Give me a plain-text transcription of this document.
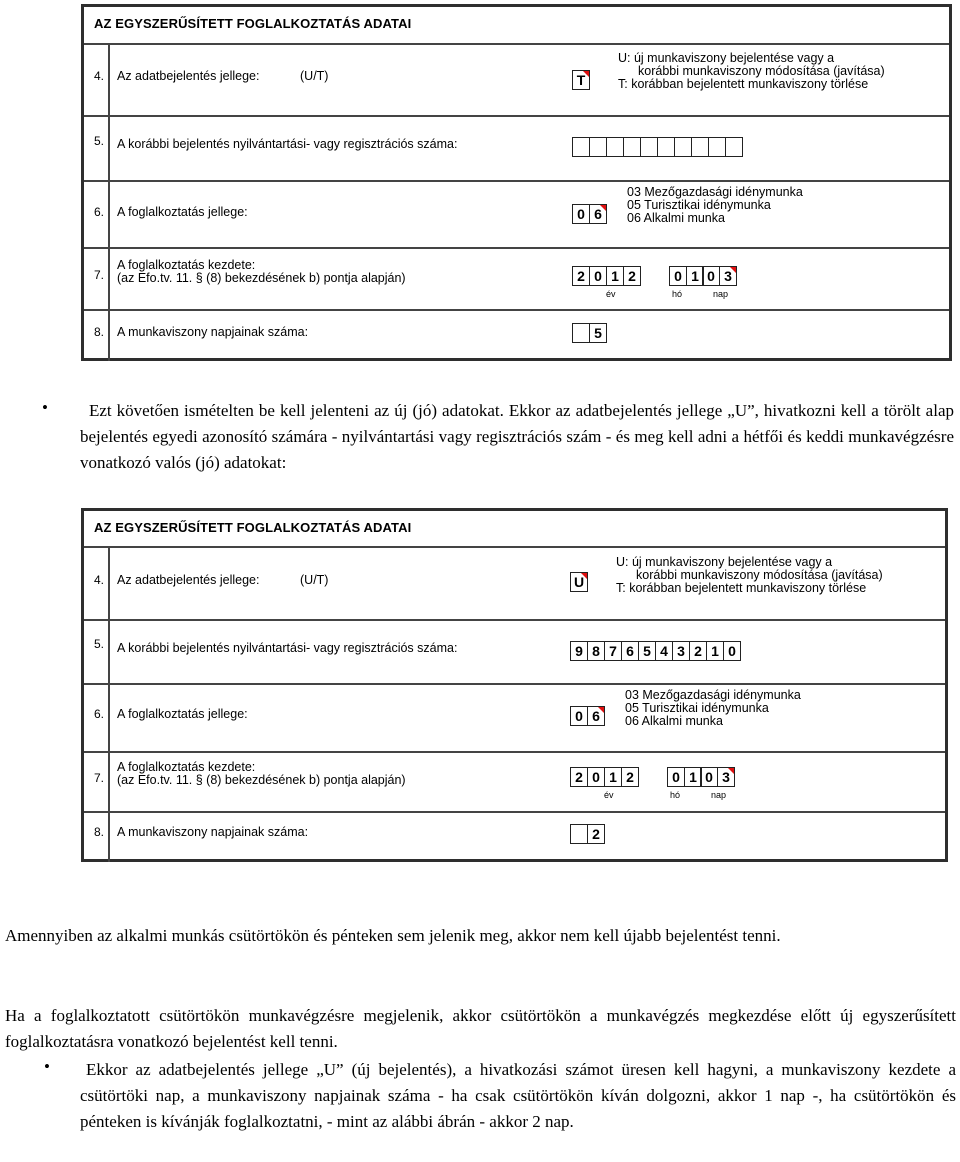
AZ EGYSZERŰSÍTETT FOGLALKOZTATÁS ADATAI
4. Az adatbejelentés jellege:	(U/T)	T
U: új munkaviszony bejelentése vagy a
korábbi munkaviszony módosítása (javítása)
T: korábban bejelentett munkaviszony törlése
5. A korábbi bejelentés nyilvántartási- vagy regisztrációs száma:
6. A foglalkoztatás jellege:	0 6
03 Mezőgazdasági idénymunka
05 Turisztikai idénymunka
06 Alkalmi munka
7.
A foglalkoztatás kezdete:
(az Efo.tv. 11. § (8) bekezdésének b) pontja alapján)	2 0 1 2	0 1 0 3
év	hó	nap
8. A munkaviszony napjainak száma:	5
•	Ezt követően ismételten be kell jelenteni az új (jó) adatokat. Ekkor az adatbejelentés jellege „U”, hivatkozni kell a törölt alap bejelentés egyedi azonosító számára - nyilvántartási vagy regisztrációs szám - és meg kell adni a hétfői és keddi munkavégzésre vonatkozó valós (jó) adatokat:
AZ EGYSZERŰSÍTETT FOGLALKOZTATÁS ADATAI
4. Az adatbejelentés jellege:	(U/T)	U
U: új munkaviszony bejelentése vagy a
korábbi munkaviszony módosítása (javítása)
T: korábban bejelentett munkaviszony törlése
5. A korábbi bejelentés nyilvántartási- vagy regisztrációs száma:	9 8 7 6 5 4 3 2 1 0
6. A foglalkoztatás jellege:	0 6
03 Mezőgazdasági idénymunka
05 Turisztikai idénymunka
06 Alkalmi munka
7.
A foglalkoztatás kezdete:
(az Efo.tv. 11. § (8) bekezdésének b) pontja alapján)	2 0 1 2	0 1 0 3
év	hó	nap
8. A munkaviszony napjainak száma:	2
Amennyiben az alkalmi munkás csütörtökön és pénteken sem jelenik meg, akkor nem kell újabb bejelentést tenni.
Ha a foglalkoztatott csütörtökön munkavégzésre megjelenik, akkor csütörtökön a munkavégzés megkezdése előtt új egyszerűsített foglalkoztatásra vonatkozó bejelentést kell tenni.
•	Ekkor az adatbejelentés jellege „U” (új bejelentés), a hivatkozási számot üresen kell hagyni, a munkaviszony kezdete a csütörtöki nap, a munkaviszony napjainak száma - ha csak csütörtökön kíván dolgozni, akkor 1 nap -, ha csütörtökön és pénteken is kívánják foglalkoztatni, - mint az alábbi ábrán - akkor 2 nap.
